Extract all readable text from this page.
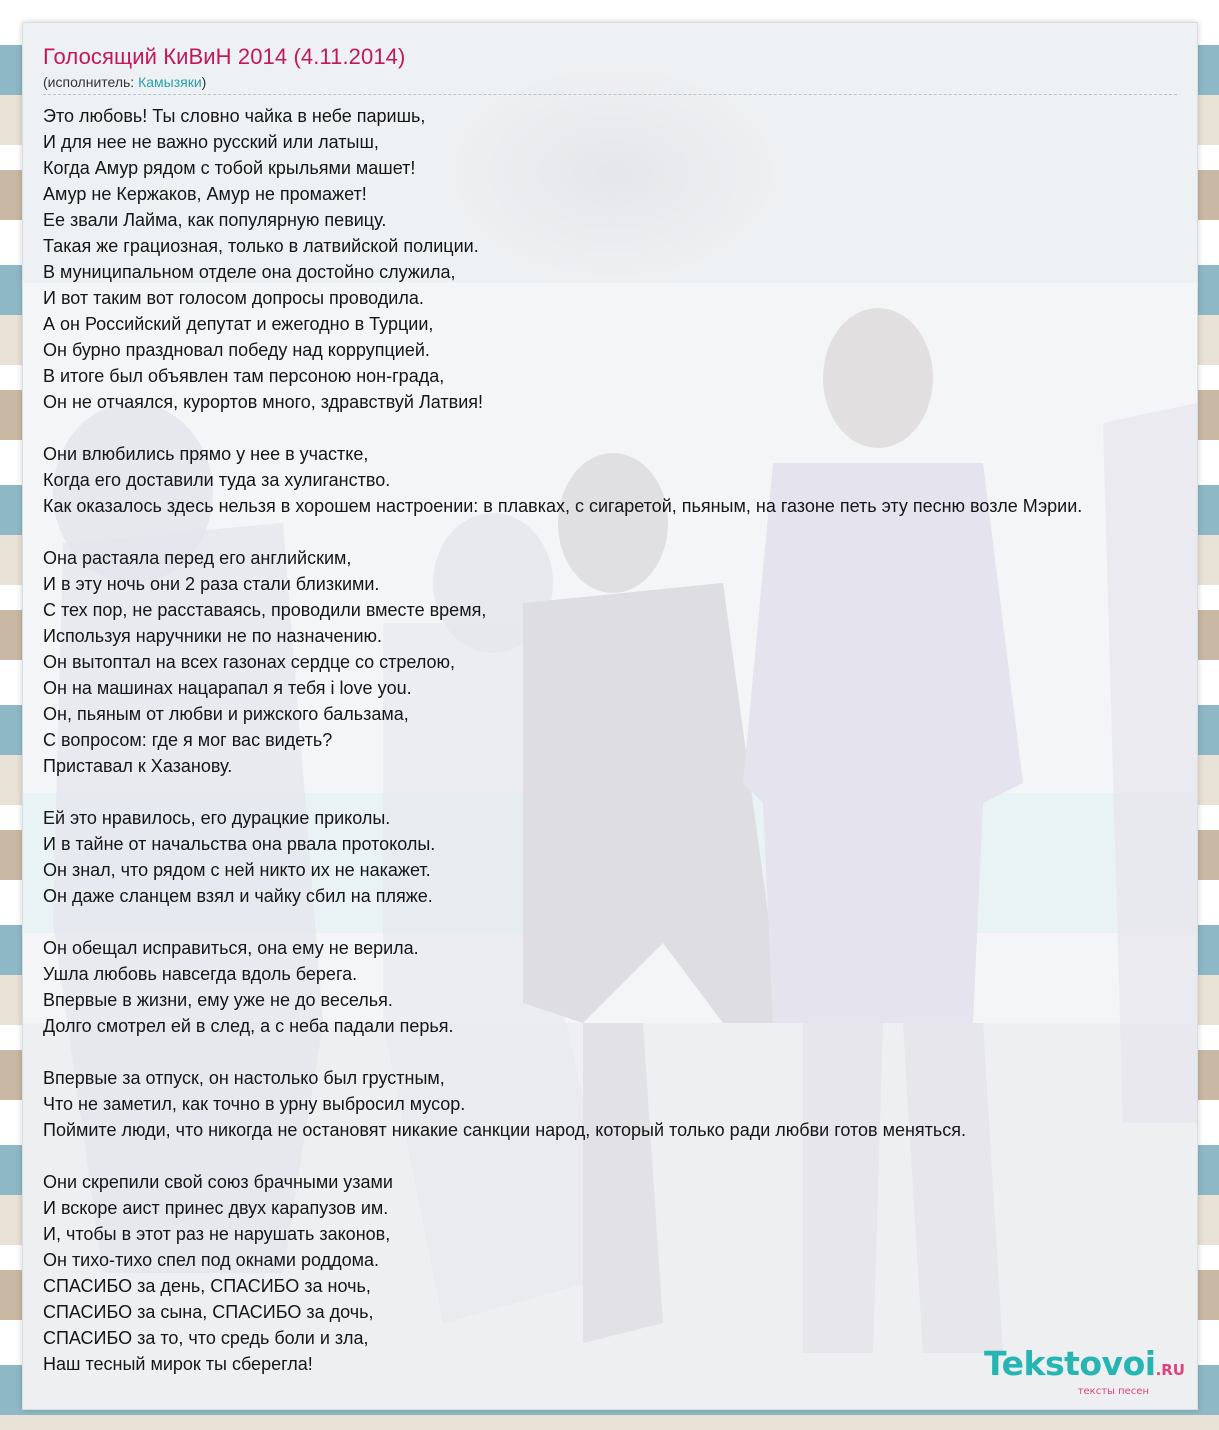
Голосящий КиВиН 2014 (4.11.2014)
(исполнитель: Камызяки)
Это любовь! Ты словно чайка в небе паришь,
И для нее не важно русский или латыш,
Когда Амур рядом с тобой крыльями машет!
Амур не Кержаков, Амур не промажет!
Ее звали Лайма, как популярную певицу.
Такая же грациозная, только в латвийской полиции.
В муниципальном отделе она достойно служила,
И вот таким вот голосом допросы проводила.
А он Российский депутат и ежегодно в Турции,
Он бурно праздновал победу над коррупцией.
В итоге был объявлен там персоною нон-града,
Он не отчаялся, курортов много, здравствуй Латвия!

Они влюбились прямо у нее в участке,
Когда его доставили туда за хулиганство.
Как оказалось здесь нельзя в хорошем настроении: в плавках, с сигаретой, пьяным, на газоне петь эту песню возле Мэрии.

Она растаяла перед его английским,
И в эту ночь они 2 раза стали близкими.
С тех пор, не расставаясь, проводили вместе время,
Используя наручники не по назначению.
Он вытоптал на всех газонах сердце со стрелою,
Он на машинах нацарапал я тебя i love you.
Он, пьяным от любви и рижского бальзама,
С вопросом: где я мог вас видеть?
Приставал к Хазанову.

Ей это нравилось, его дурацкие приколы.
И в тайне от начальства она рвала протоколы.
Он знал, что рядом с ней никто их не накажет.
Он даже сланцем взял и чайку сбил на пляже.

Он обещал исправиться, она ему не верила.
Ушла любовь навсегда вдоль берега.
Впервые в жизни, ему уже не до веселья.
Долго смотрел ей в след, а с неба падали перья.

Впервые за отпуск, он настолько был грустным,
Что не заметил, как точно в урну выбросил мусор.
Поймите люди, что никогда не остановят никакие санкции народ, который только ради любви готов меняться.

Они скрепили свой союз брачными узами
И вскоре аист принес двух карапузов им.
И, чтобы в этот раз не нарушать законов,
Он тихо-тихо спел под окнами роддома.
СПАСИБО за день, СПАСИБО за ночь,
СПАСИБО за сына, СПАСИБО за дочь,
СПАСИБО за то, что средь боли и зла,
Наш тесный мирок ты сберегла!	Tekstovoi.RU
тексты песен
